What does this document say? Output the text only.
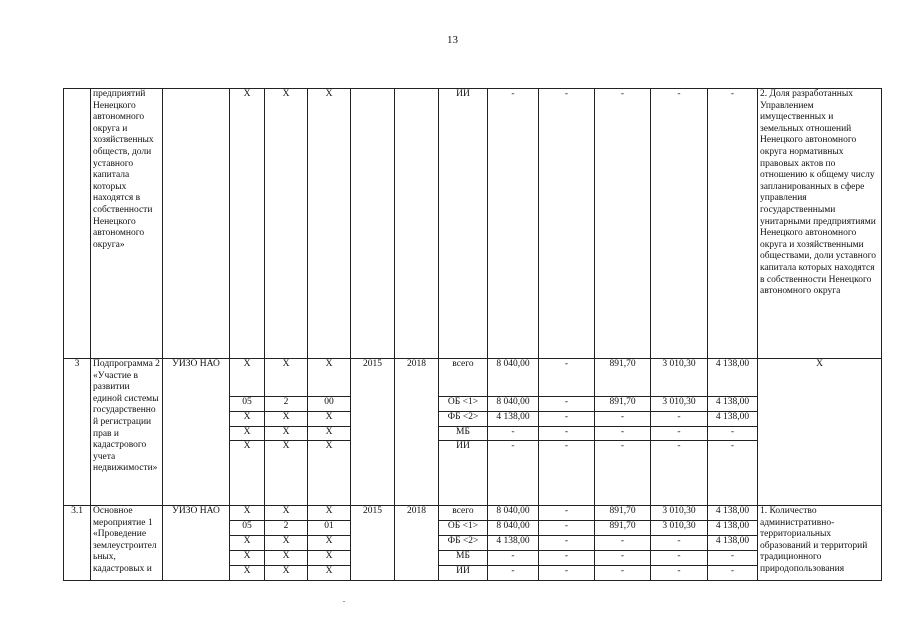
13
	предприятий Ненецкого автономного округа и хозяйственных обществ, доли уставного капитала которых находятся в собственности Ненецкого автономного округа»		Х	Х	Х			ИИ	-	-	-	-	-	2. Доля разработанных Управлением имущественных и земельных отношений Ненецкого автономного округа нормативных правовых актов по отношению к общему числу запланированных в сфере управления государственными унитарными предприятиями Ненецкого автономного округа и хозяйственными обществами, доли уставного капитала которых находятся в собственности Ненецкого автономного округа
3	Подпрограмма 2 «Участие в развитии единой системы государственной регистрации прав и кадастрового учета недвижимости»	УИЗО НАО	Х	Х	Х	2015	2018	всего	8 040,00	-	891,70	3 010,30	4 138,00	Х
			05	2	00			ОБ <1>	8 040,00	-	891,70	3 010,30	4 138,00	
			Х	Х	Х			ФБ <2>	4 138,00	-	-	-	4 138,00	
			Х	Х	Х			МБ	-	-	-	-	-	
			Х	Х	Х			ИИ	-	-	-	-	-	
3.1	Основное мероприятие 1 «Проведение землеустроительных, кадастровых и	УИЗО НАО	Х	Х	Х	2015	2018	всего	8 040,00	-	891,70	3 010,30	4 138,00	1. Количество административно-территориальных образований и территорий традиционного природопользования
			05	2	01			ОБ <1>	8 040,00	-	891,70	3 010,30	4 138,00	
			Х	Х	Х			ФБ <2>	4 138,00	-	-	-	4 138,00	
			Х	Х	Х			МБ	-	-	-	-	-	
			Х	Х	Х			ИИ	-	-	-	-	-	
